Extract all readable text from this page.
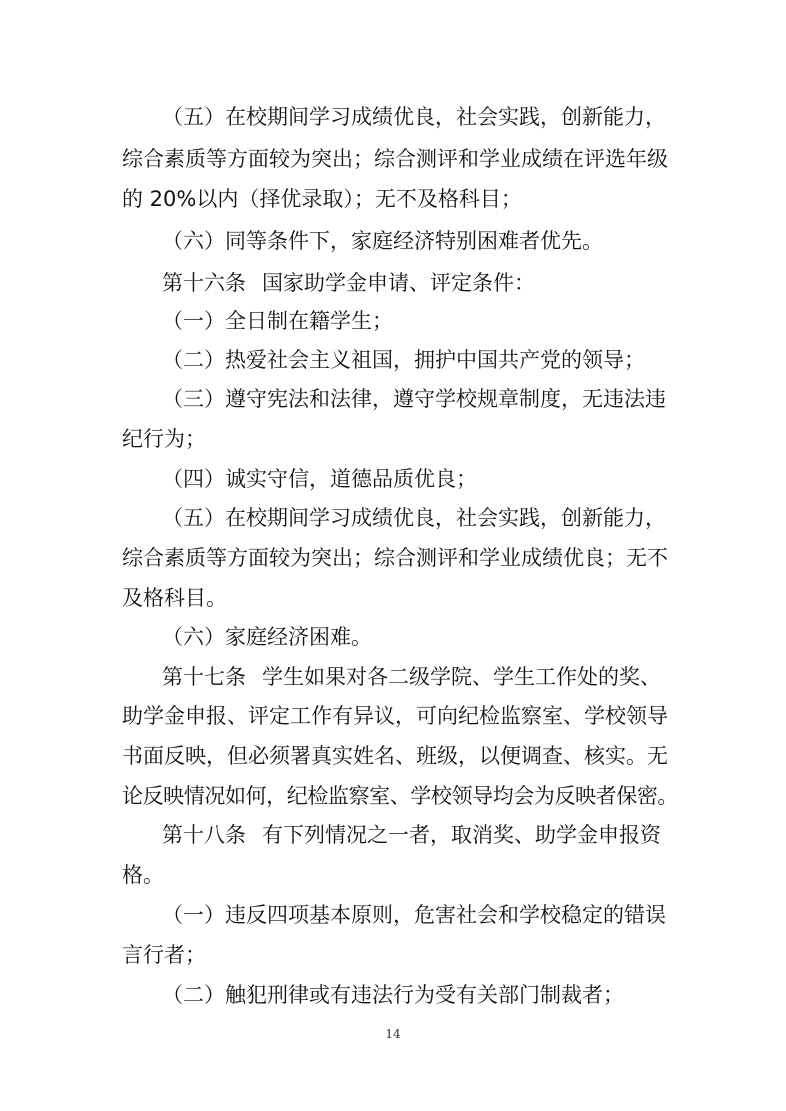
（五）在校期间学习成绩优良，社会实践，创新能力，

综合素质等方面较为突出；综合测评和学业成绩在评选年级

的 20%以内（择优录取）；无不及格科目；

（六）同等条件下，家庭经济特别困难者优先。

第十六条 国家助学金申请、评定条件：

（一）全日制在籍学生；

（二）热爱社会主义祖国，拥护中国共产党的领导；

（三）遵守宪法和法律，遵守学校规章制度，无违法违

纪行为；

（四）诚实守信，道德品质优良；

（五）在校期间学习成绩优良，社会实践，创新能力，

综合素质等方面较为突出；综合测评和学业成绩优良；无不

及格科目。

（六）家庭经济困难。

第十七条 学生如果对各二级学院、学生工作处的奖、

助学金申报、评定工作有异议，可向纪检监察室、学校领导

书面反映，但必须署真实姓名、班级，以便调查、核实。无

论反映情况如何，纪检监察室、学校领导均会为反映者保密。

第十八条 有下列情况之一者，取消奖、助学金申报资

格。

（一）违反四项基本原则，危害社会和学校稳定的错误

言行者；

（二）触犯刑律或有违法行为受有关部门制裁者；

14
